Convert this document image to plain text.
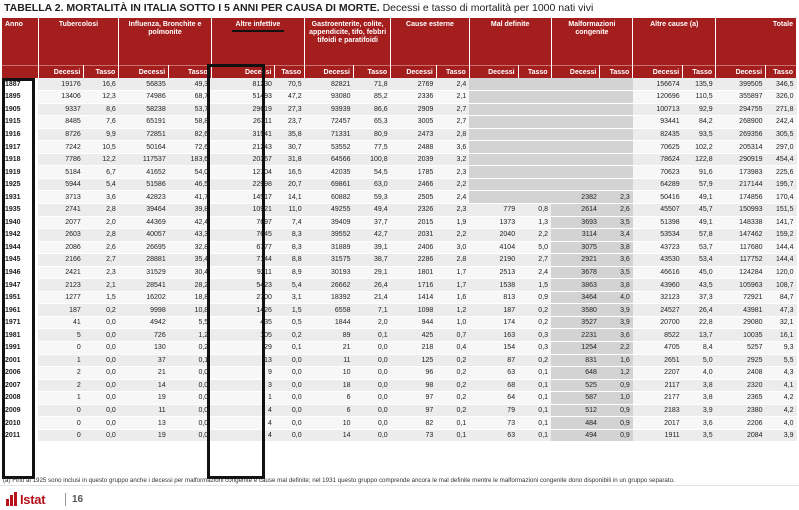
TABELLA 2. MORTALITÀ IN ITALIA SOTTO I 5 ANNI PER CAUSA DI MORTE. Decessi e tasso di mortalità per 1000 nati vivi
Anno	Tubercolosi		Influenza, Bronchite e polmonite		Altre infettive		Gastroenterite, colite, appendicite, tifo, febbri tifoidi e paratifoidi		Cause esterne		Mal definite		Malformazioni congenite		Altre cause (a)		Totale	
	Decessi	Tasso	Decessi	Tasso	Decessi	Tasso	Decessi	Tasso	Decessi	Tasso	Decessi	Tasso	Decessi	Tasso	Decessi	Tasso	Decessi	Tasso
1887	19176	16,6	56835	49,3	81230	70,5	82821	71,8	2769	2,4					156674	135,9	399505	346,5
1895	13406	12,3	74986	68,7	51493	47,2	93080	85,2	2336	2,1					120696	110,5	355897	326,0
1905	9337	8,6	58238	53,7	29619	27,3	93939	86,6	2909	2,7					100713	92,9	294755	271,8
1915	8485	7,6	65191	58,8	26311	23,7	72457	65,3	3005	2,7					93441	84,2	268900	242,4
1916	8726	9,9	72851	82,6	31541	35,8	71331	80,9	2473	2,8					82435	93,5	269356	305,5
1917	7242	10,5	50164	72,6	21243	30,7	53552	77,5	2488	3,6					70625	102,2	205314	297,0
1918	7786	12,2	117537	183,6	20367	31,8	64566	100,8	2039	3,2					78624	122,8	290919	454,4
1919	5184	6,7	41652	54,0	12704	16,5	42035	54,5	1785	2,3					70623	91,6	173983	225,6
1925	5944	5,4	51586	46,5	22998	20,7	69861	63,0	2466	2,2					64289	57,9	217144	195,7
1931	3713	3,6	42823	41,7	14517	14,1	60882	59,3	2505	2,4			2382	2,3	50416	49,1	174856	170,4
1935	2741	2,8	39464	39,8	10921	11,0	49255	49,4	2326	2,3	779	0,8	2614	2,6	45507	45,7	150993	151,5
1940	2077	2,0	44369	42,4	7697	7,4	39409	37,7	2015	1,9	1373	1,3	3693	3,5	51398	49,1	148338	141,7
1942	2603	2,8	40057	43,3	7645	8,3	39552	42,7	2031	2,2	2040	2,2	3114	3,4	53534	57,8	147462	159,2
1944	2086	2,6	26695	32,8	6777	8,3	31889	39,1	2406	3,0	4104	5,0	3075	3,8	43723	53,7	117680	144,4
1945	2166	2,7	28881	35,4	7144	8,8	31575	38,7	2286	2,8	2190	2,7	2921	3,6	43530	53,4	117752	144,4
1946	2421	2,3	31529	30,4	9211	8,9	30193	29,1	1801	1,7	2513	2,4	3678	3,5	46616	45,0	124284	120,0
1947	2123	2,1	28541	28,2	5423	5,4	26662	26,4	1716	1,7	1538	1,5	3863	3,8	43960	43,5	105963	108,7
1951	1277	1,5	16202	18,8	2700	3,1	18392	21,4	1414	1,6	813	0,9	3464	4,0	32123	37,3	72921	84,7
1961	187	0,2	9998	10,8	1426	1,5	6558	7,1	1098	1,2	187	0,2	3580	3,9	24527	26,4	43981	47,3
1971	41	0,0	4942	5,5	435	0,5	1844	2,0	944	1,0	174	0,2	3527	3,9	20700	22,8	29080	32,1
1981	5	0,0	726	1,2	105	0,2	89	0,1	425	0,7	163	0,3	2231	3,6	8522	13,7	10035	16,1
1991	0	0,0	130	0,2	29	0,1	21	0,0	218	0,4	154	0,3	1254	2,2	4705	8,4	5257	9,3
2001	1	0,0	37	0,1	13	0,0	11	0,0	125	0,2	87	0,2	831	1,6	2651	5,0	2925	5,5
2006	2	0,0	21	0,0	9	0,0	10	0,0	96	0,2	63	0,1	648	1,2	2207	4,0	2408	4,3
2007	2	0,0	14	0,0	3	0,0	18	0,0	98	0,2	68	0,1	525	0,9	2117	3,8	2320	4,1
2008	1	0,0	19	0,0	1	0,0	6	0,0	97	0,2	64	0,1	587	1,0	2177	3,8	2365	4,2
2009	0	0,0	11	0,0	4	0,0	6	0,0	97	0,2	79	0,1	512	0,9	2183	3,9	2380	4,2
2010	0	0,0	13	0,0	4	0,0	10	0,0	82	0,1	73	0,1	484	0,9	2017	3,6	2206	4,0
2011	0	0,0	19	0,0	4	0,0	14	0,0	73	0,1	63	0,1	494	0,9	1911	3,5	2084	3,9
(a) Fino al 1925 sono inclusi in questo gruppo anche i decessi per malformazioni congenite e cause mal definite; nel 1931 questo gruppo comprende ancora le mal definite mentre le malformazioni congenite dono disponibili in un gruppo separato.
Istat	16
